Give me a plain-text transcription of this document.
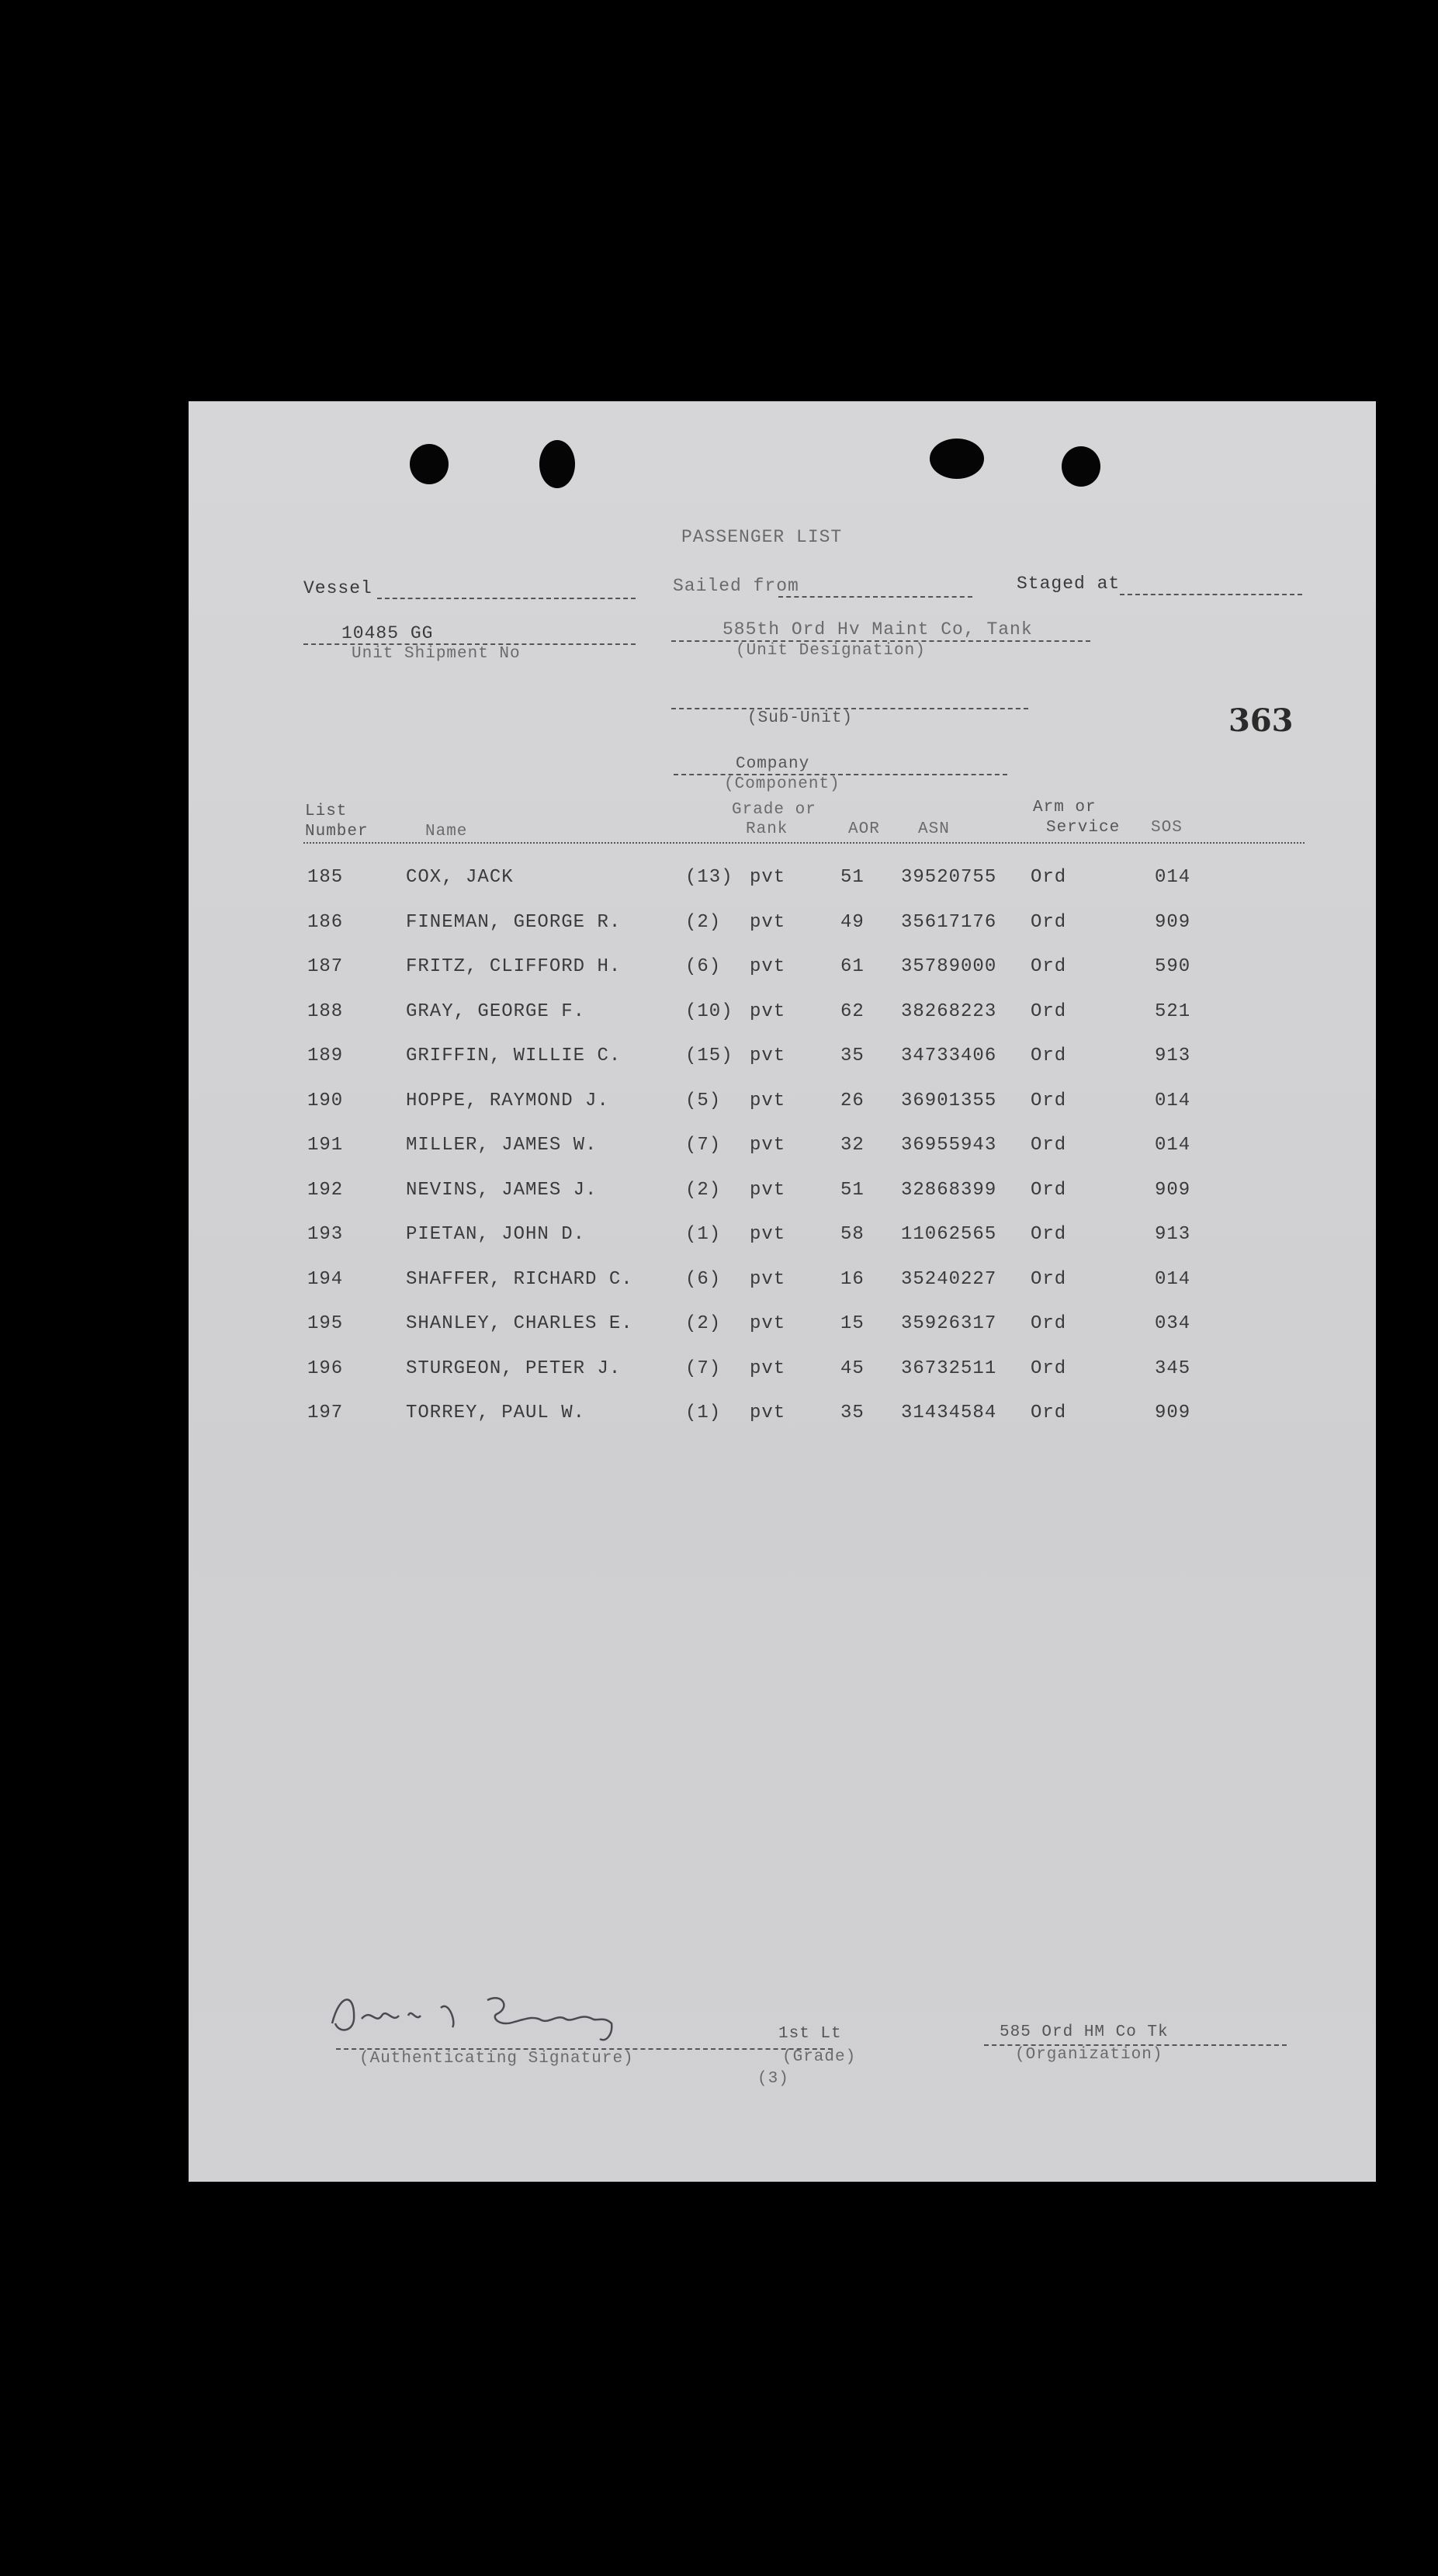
PASSENGER LIST
Vessel	Sailed from	Staged at
10485 GG
Unit Shipment No
585th Ord Hv Maint Co, Tank
(Unit Designation)
(Sub-Unit)	363
Company
(Component)
List
Number	Name
Grade or
Rank	AOR ASN
Arm or
Service SOS
185	COX, JACK	(13) pvt	51 39520755 Ord	014
186	FINEMAN, GEORGE R.	(2) pvt	49 35617176 Ord	909
187	FRITZ, CLIFFORD H.	(6) pvt	61 35789000 Ord	590
188	GRAY, GEORGE F.	(10) pvt	62 38268223 Ord	521
189	GRIFFIN, WILLIE C.	(15) pvt	35 34733406 Ord	913
190	HOPPE, RAYMOND J.	(5) pvt	26 36901355 Ord	014
191	MILLER, JAMES W.	(7) pvt	32 36955943 Ord	014
192	NEVINS, JAMES J.	(2) pvt	51 32868399 Ord	909
193	PIETAN, JOHN D.	(1) pvt	58 11062565 Ord	913
194	SHAFFER, RICHARD C.	(6) pvt	16 35240227 Ord	014
195	SHANLEY, CHARLES E.	(2) pvt	15 35926317 Ord	034
196	STURGEON, PETER J.	(7) pvt	45 36732511 Ord	345
197	TORREY, PAUL W.	(1) pvt	35 31434584 Ord	909
(Authenticating Signature)
1st Lt
(Grade)
(3)
585 Ord HM Co Tk
(Organization)
